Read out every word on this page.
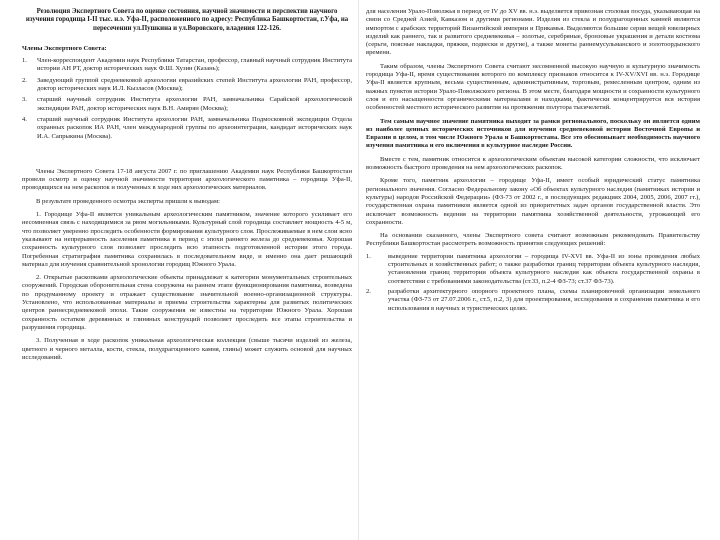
Резолюция Экспертного Совета по оценке состояния, научной значимости и перспектив научного изучения городища I-II тыс. н.э. Уфа-II, расположенного по адресу: Республика Башкортостан, г.Уфа, на пересечении ул.Пушкина и ул.Воровского, владения 122-126.
Члены Экспертного Совета:
1.	Член-корреспондент Академии наук Республики Татарстан, профессор, главный научный сотрудник Института истории АН РТ, доктор исторических наук Ф.Ш. Хузин (Казань);
2.	Заведующий группой средневековой археологии евразийских степей Института археологии РАН, профессор, доктор исторических наук И.Л. Кызласов (Москва);
3.	старший научный сотрудник Института археологии РАН, замначальника Сарайской археологической экспедиции РАН, доктор исторических наук В.Н. Амирян (Москва);
4.	старший научный сотрудник Института археологии РАН, замначальника Подмосковной экспедиции Отдела охранных раскопок ИА РАН, член международной группы по археоинтеграции, кандидат исторических наук И.А. Сапрыкина (Москва).

Члены Экспертного Совета 17-18 августа 2007 г. по приглашению Академии наук Республики Башкортостан провели осмотр и оценку научной значимости территории археологического памятника – городища Уфа-II, проводящихся на нем раскопок и полученных в ходе них археологических материалов.

В результате проведенного осмотра эксперты пришли к выводам:

1. Городище Уфа-II является уникальным археологическим памятником, значение которого усиливает его несомненная связь с находящимися за рвом могильниками. Культурный слой городища составляет мощность 4-5 м, что позволяет уверенно проследить особенности формирования культурного слоя. Прослеживаемые в нем слои ясно указывают на непрерывность заселения памятника в период с эпохи раннего железа до средневековья. Хорошая сохранность культурного слоя позволяет проследить всю этапность подготовленной истории этого города. Погребенная стратиграфия памятника сохранилась в последовательном виде, и именно она дает решающий материал для изучения сравнительной хронологии городищ Южного Урала.

2. Открытые раскопками археологические объекты принадлежат к категории монументальных строительных сооружений. Городская оборонительная стена сооружена на раннем этапе функционирования памятника, возведена по продуманному проекту и отражает существование значительной военно-организационной структуры. Установлено, что использованные материалы и приемы строительства характерны для развитых политических центров раннесредневековой эпохи. Такие сооружения не известны на территории Южного Урала. Хорошая сохранность остатков деревянных и глиняных конструкций позволяет проследить все этапы строительства и разрушения городища.

3. Полученная в ходе раскопок уникальная археологическая коллекция (свыше тысячи изделий из железа, цветного и черного металла, кости, стекла, полудрагоценного камня, глины) может служить основой для научных исследований.

для населения Урало-Поволжья в период от IV до XV вв. н.э. выделяется привозная столовая посуда, указывающая на связи со Средней Азией, Кавказом и другими регионами. Изделия из стекла и полудрагоценных камней являются импортом с арабских территорий Византийской империи и Прикамья. Выделяются большие серии вещей ювелирных изделий как раннего, так и развитого средневековья – золотые, серебряные, бронзовые украшения и детали костюма (серьги, поясные накладки, пряжки, подвески и другие), а также монеты раннемусульманского и золотоордынского времени.

Таким образом, члены Экспертного Совета считают несомненной высокую научную и культурную значимость городища Уфа-II, время существования которого по комплексу признаков относится к IV-XV/XVI вв. н.э. Городище Уфа-II является крупным, весьма существенным, административным, торговым, ремесленным центром, одним из важных пунктов истории Урало-Поволжского региона. В этом месте, благодаря мощности и сохранности культурного слоя и его насыщенности органическими материалами и находками, фактически концентрируется вся история особенностей местного исторического развития на протяжении полутора тысячелетий.

Тем самым научное значение памятника выходит за рамки регионального, поскольку он является одним из наиболее ценных исторических источников для изучения средневековой истории Восточной Европы и Евразии в целом, в том числе Южного Урала и Башкортостана. Все это обосновывает необходимость научного изучения памятника и его включения в культурное наследие России.

Вместе с тем, памятник относится к археологическим объектам высокой категории сложности, что исключает возможность быстрого проведения на нем археологических раскопок.

Кроме того, памятник археологии – городище Уфа-II, имеет особый юридический статус памятника регионального значения. Согласно Федеральному закону «Об объектах культурного наследия (памятниках истории и культуры) народов Российской Федерации» (ФЗ-73 от 2002 г., в последующих редакциях 2004, 2005, 2006, 2007 гг.), государственная охрана памятников является одной из приоритетных задач органов государственной власти. Это исключает возможность ведения на территории памятника хозяйственной деятельности, угрожающей его сохранности.

На основании сказанного, члены Экспертного совета считают возможным рекомендовать Правительству Республики Башкортостан рассмотреть возможность принятия следующих решений:

1.	выведение территории памятника археологии – городища IV-XVI вв. Уфа-II из зоны проведения любых строительных и хозяйственных работ; о также разработки границ территории объекта культурного наследия, установления границ территории объекта культурного наследия как объекта государственной охраны в соответствии с требованиями законодательства (ст.33, п.2-4 ФЗ-73; ст.37 ФЗ-73).
2.	разработки архитектурного опорного проектного плана, схемы планировочной организации земельного участка (ФЗ-73 от 27.07.2006 г., ст.5, п.2, 3) для проектирования, исследования и сохранения памятника и его использования в научных и туристических целях.
